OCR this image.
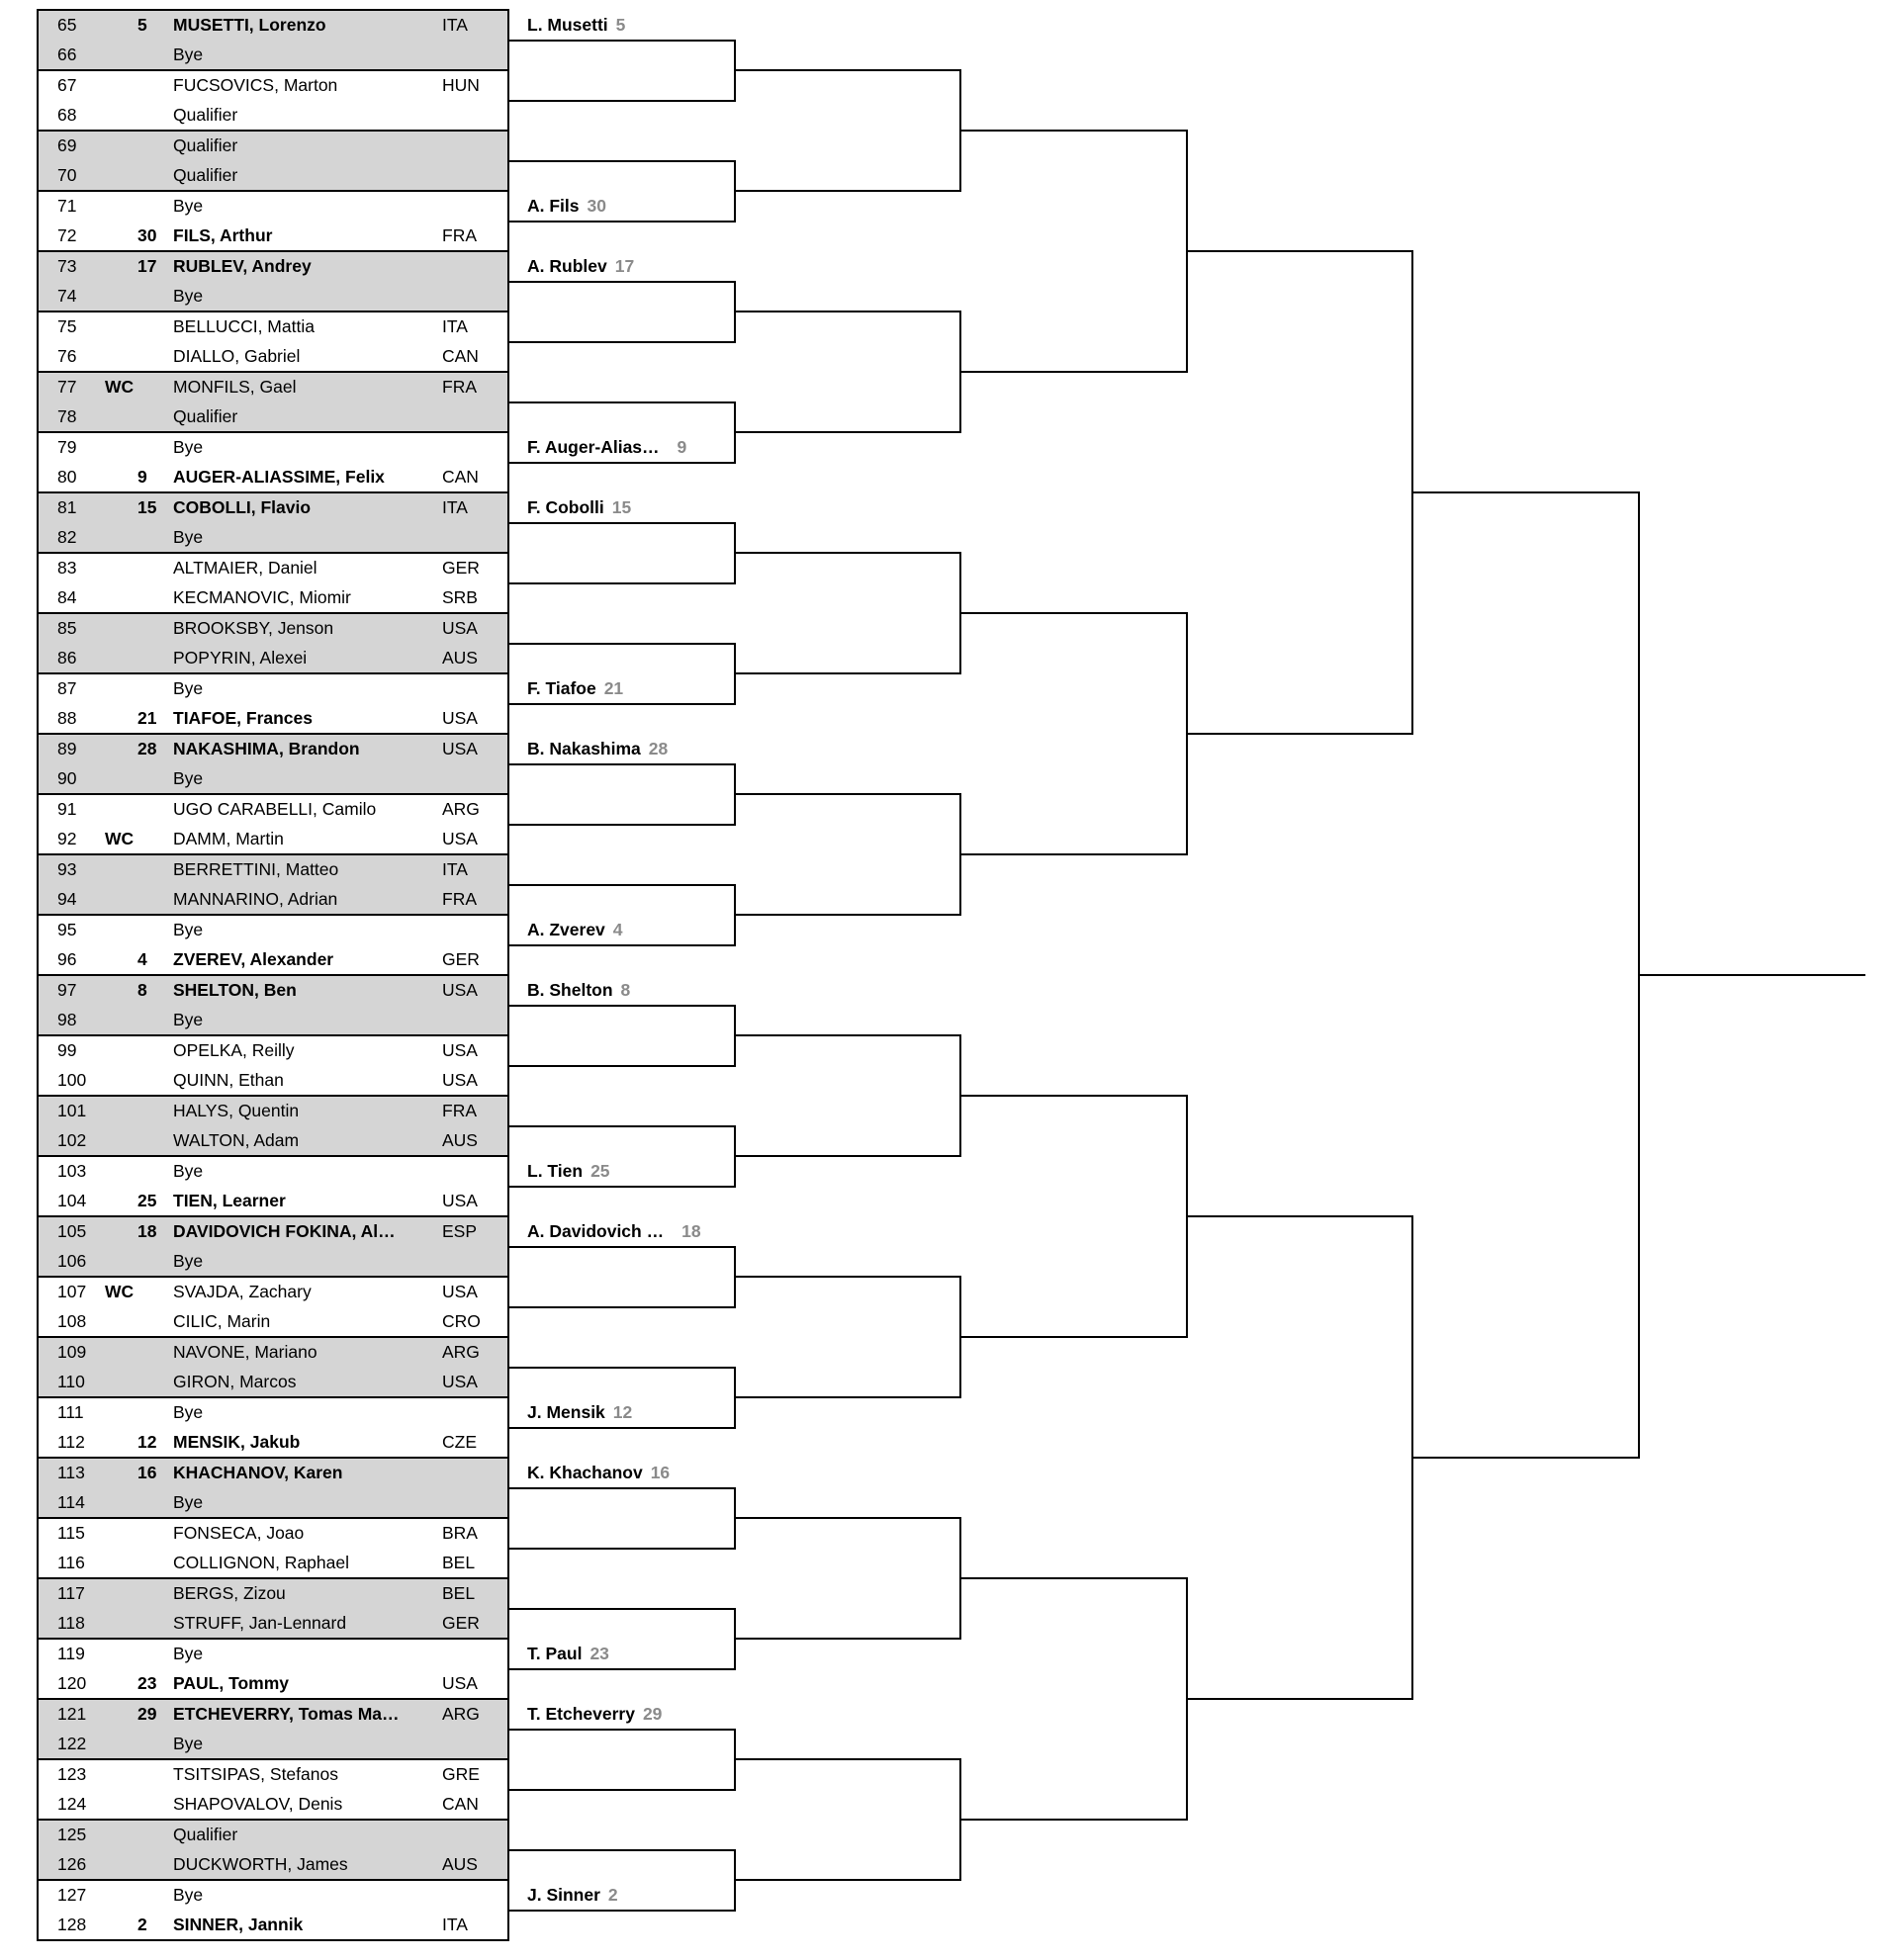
65	5	MUSETTI, Lorenzo	ITA
66	Bye
67	FUCSOVICS, Marton	HUN
68	Qualifier
69	Qualifier
70	Qualifier
71	Bye
72	30 FILS, Arthur	FRA
73	17 RUBLEV, Andrey
74	Bye
75	BELLUCCI, Mattia	ITA
76	DIALLO, Gabriel	CAN
77	WC MONFILS, Gael	FRA
78	Qualifier
79	Bye
80	9	AUGER-ALIASSIME, Felix	CAN
81	15 COBOLLI, Flavio	ITA
82	Bye
83	ALTMAIER, Daniel	GER
84	KECMANOVIC, Miomir	SRB
85	BROOKSBY, Jenson	USA
86	POPYRIN, Alexei	AUS
87	Bye
88	21 TIAFOE, Frances	USA
89	28 NAKASHIMA, Brandon	USA
90	Bye
91	UGO CARABELLI, Camilo	ARG
92	WC DAMM, Martin	USA
93	BERRETTINI, Matteo	ITA
94	MANNARINO, Adrian	FRA
95	Bye
96	4	ZVEREV, Alexander	GER
97	8	SHELTON, Ben	USA
98	Bye
99	OPELKA, Reilly	USA
100	QUINN, Ethan	USA
101	HALYS, Quentin	FRA
102	WALTON, Adam	AUS
103	Bye
104	25 TIEN, Learner	USA
105	18 DAVIDOVICH FOKINA, Al…	ESP
106	Bye
107	WC SVAJDA, Zachary	USA
108	CILIC, Marin	CRO
109	NAVONE, Mariano	ARG
110	GIRON, Marcos	USA
111	Bye
112	12 MENSIK, Jakub	CZE
113	16 KHACHANOV, Karen
114	Bye
115	FONSECA, Joao	BRA
116	COLLIGNON, Raphael	BEL
117	BERGS, Zizou	BEL
118	STRUFF, Jan-Lennard	GER
119	Bye
120	23 PAUL, Tommy	USA
121	29 ETCHEVERRY, Tomas Ma…	ARG
122	Bye
123	TSITSIPAS, Stefanos	GRE
124	SHAPOVALOV, Denis	CAN
125	Qualifier
126	DUCKWORTH, James	AUS
127	Bye
128	2	SINNER, Jannik	ITA
L. Musetti 5
A. Fils 30
A. Rublev 17
F. Auger-Alias… 9
F. Cobolli 15
F. Tiafoe 21
B. Nakashima 28
A. Zverev 4
B. Shelton 8
L. Tien 25
A. Davidovich … 18
J. Mensik 12
K. Khachanov 16
T. Paul 23
T. Etcheverry 29
J. Sinner 2
